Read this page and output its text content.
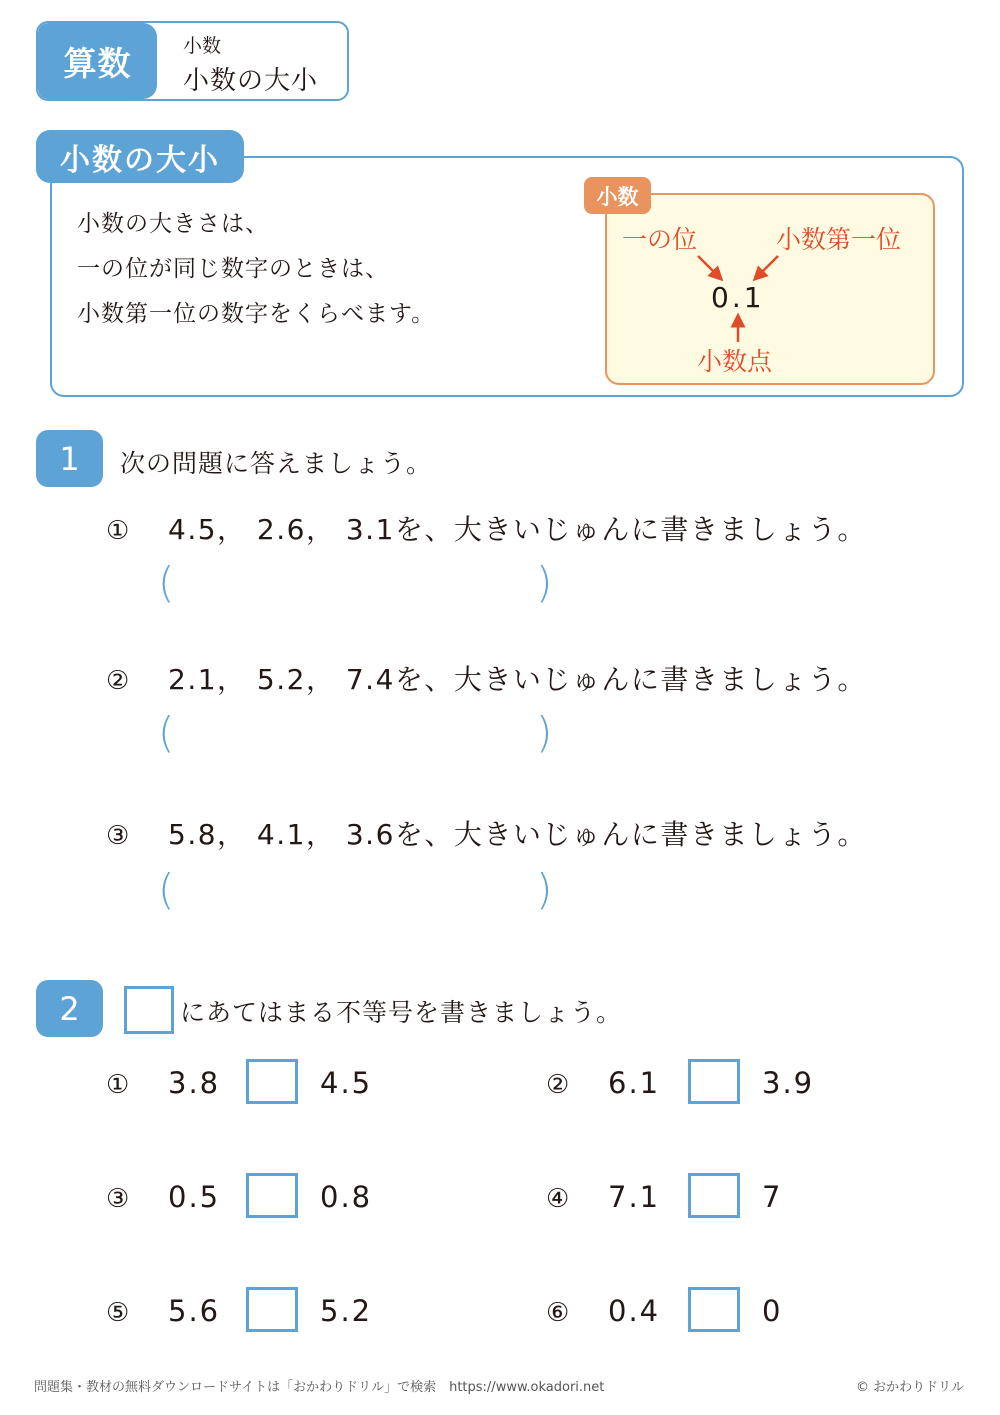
算数	小数
小数の大小
小数の大小
小数の大きさは、
一の位が同じ数字のときは、
小数第一位の数字をくらべます。
小数
一の位	小数第一位
0.1
小数点
1	次の問題に答えましょう。
① 4.5， 2.6， 3.1を、大きいじゅんに書きましょう。
(	)
② 2.1， 5.2， 7.4を、大きいじゅんに書きましょう。
(	)
③ 5.8， 4.1， 3.6を、大きいじゅんに書きましょう。
(	)
2	にあてはまる不等号を書きましょう。
① 3.8	4.5	② 6.1	3.9
③ 0.5	0.8	④ 7.1	7
⑤ 5.6	5.2	⑥ 0.4	0
問題集・教材の無料ダウンロードサイトは「おかわりドリル」で検索　https://www.okadori.net	© おかわりドリル
